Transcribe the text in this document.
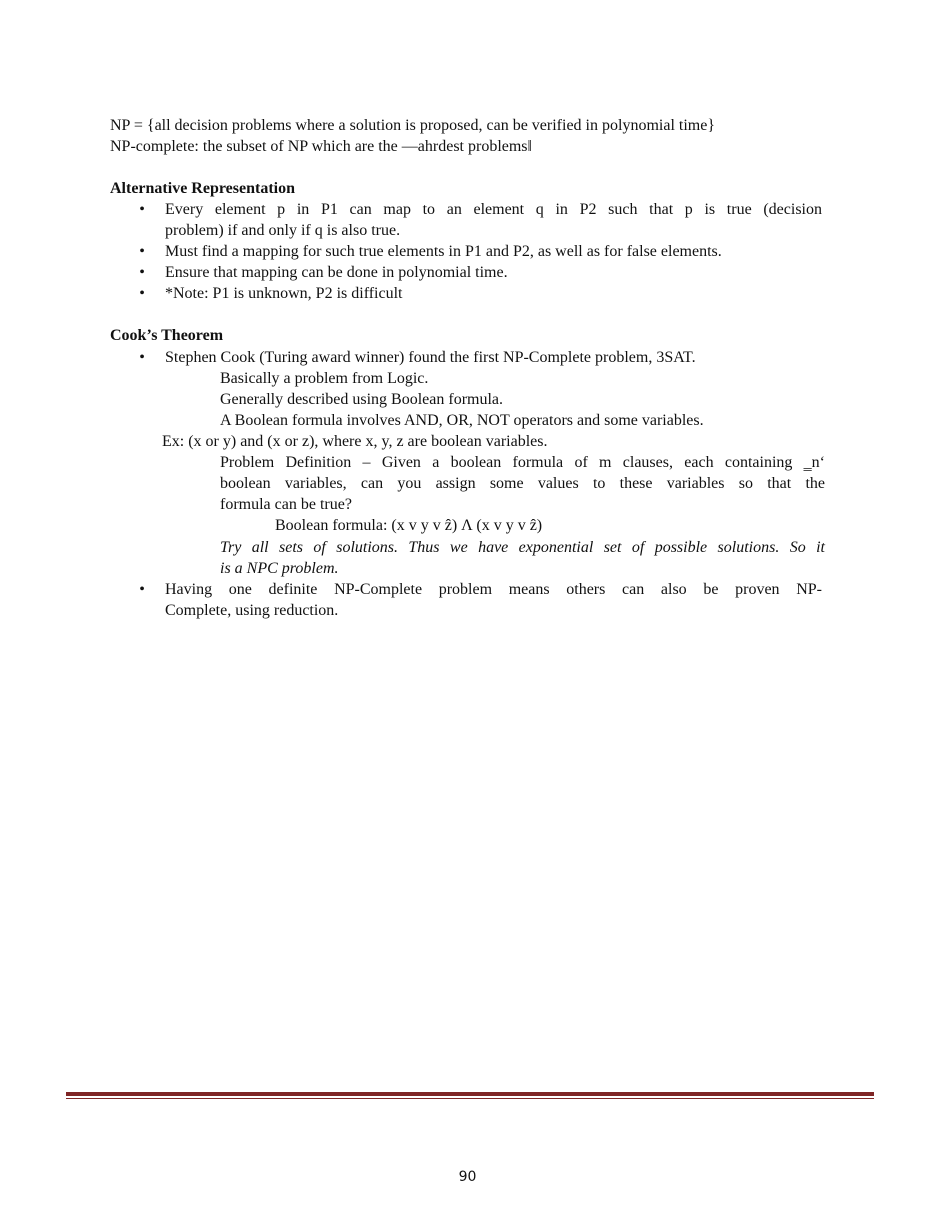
NP = {all decision problems where a solution is proposed, can be verified in polynomial time}
NP-complete: the subset of NP which are the ―ahrdest problems‖
Alternative Representation
• Every element p in P1 can map to an element q in P2 such that p is true (decision
problem) if and only if q is also true.
• Must find a mapping for such true elements in P1 and P2, as well as for false elements.
• Ensure that mapping can be done in polynomial time.
• *Note: P1 is unknown, P2 is difficult
Cook’s Theorem
• Stephen Cook (Turing award winner) found the first NP-Complete problem, 3SAT.
Basically a problem from Logic.
Generally described using Boolean formula.
A Boolean formula involves AND, OR, NOT operators and some variables.
Ex: (x or y) and (x or z), where x, y, z are boolean variables.
Problem Definition – Given a boolean formula of m clauses, each containing ‗n‘
boolean variables, can you assign some values to these variables so that the
formula can be true?
Boolean formula: (x v y v ẑ) Λ (x v y v ẑ)
Try all sets of solutions. Thus we have exponential set of possible solutions. So it
is a NPC problem.
• Having one definite NP-Complete problem means others can also be proven NP-
Complete, using reduction.
90
